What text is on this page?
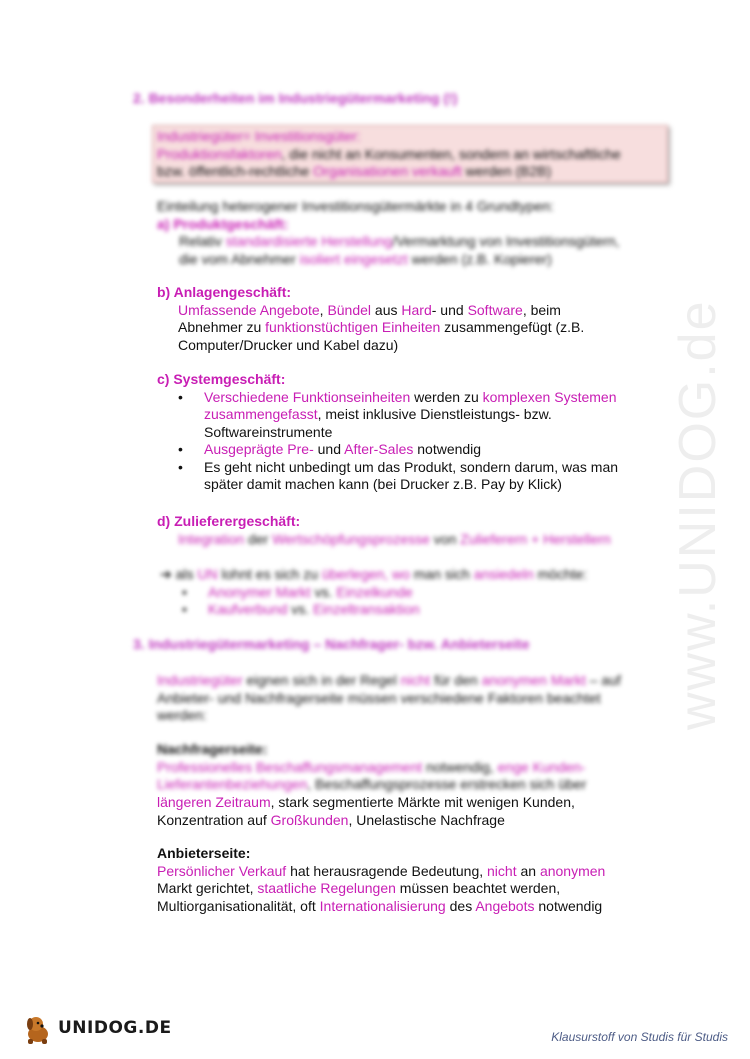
www.UNIDOG.de
2. Besonderheiten im Industriegütermarketing (!)
Industriegüter= Investitionsgüter:
Produktionsfaktoren, die nicht an Konsumenten, sondern an wirtschaftliche
bzw. öffentlich-rechtliche Organisationen verkauft werden (B2B)
Einteilung heterogener Investitionsgütermärkte in 4 Grundtypen:
a) Produktgeschäft:
Relativ standardisierte Herstellung/Vermarktung von Investitionsgütern,
die vom Abnehmer isoliert eingesetzt werden (z.B. Kopierer)
b) Anlagengeschäft:
Umfassende Angebote, Bündel aus Hard- und Software, beim
Abnehmer zu funktionstüchtigen Einheiten zusammengefügt (z.B.
Computer/Drucker und Kabel dazu)
c) Systemgeschäft:
• Verschiedene Funktionseinheiten werden zu komplexen Systemen
zusammengefasst, meist inklusive Dienstleistungs- bzw.
Softwareinstrumente
• Ausgeprägte Pre- und After-Sales notwendig
• Es geht nicht unbedingt um das Produkt, sondern darum, was man
später damit machen kann (bei Drucker z.B. Pay by Klick)
d) Zulieferergeschäft:
Integration der Wertschöpfungsprozesse von Zulieferern + Herstellern
➔ als UN lohnt es sich zu überlegen, wo man sich ansiedeln möchte:
• Anonymer Markt vs. Einzelkunde
• Kaufverbund vs. Einzeltransaktion
3. Industriegütermarketing – Nachfrager- bzw. Anbieterseite
Industriegüter eignen sich in der Regel nicht für den anonymen Markt – auf
Anbieter- und Nachfragerseite müssen verschiedene Faktoren beachtet
werden:
Nachfragerseite:
Professionelles Beschaffungsmanagement notwendig, enge Kunden-
Lieferantenbeziehungen, Beschaffungsprozesse erstrecken sich über
längeren Zeitraum, stark segmentierte Märkte mit wenigen Kunden,
Konzentration auf Großkunden, Unelastische Nachfrage
Anbieterseite:
Persönlicher Verkauf hat herausragende Bedeutung, nicht an anonymen
Markt gerichtet, staatliche Regelungen müssen beachtet werden,
Multiorganisationalität, oft Internationalisierung des Angebots notwendig
UNIDOG.DE	Klausurstoff von Studis für Studis
